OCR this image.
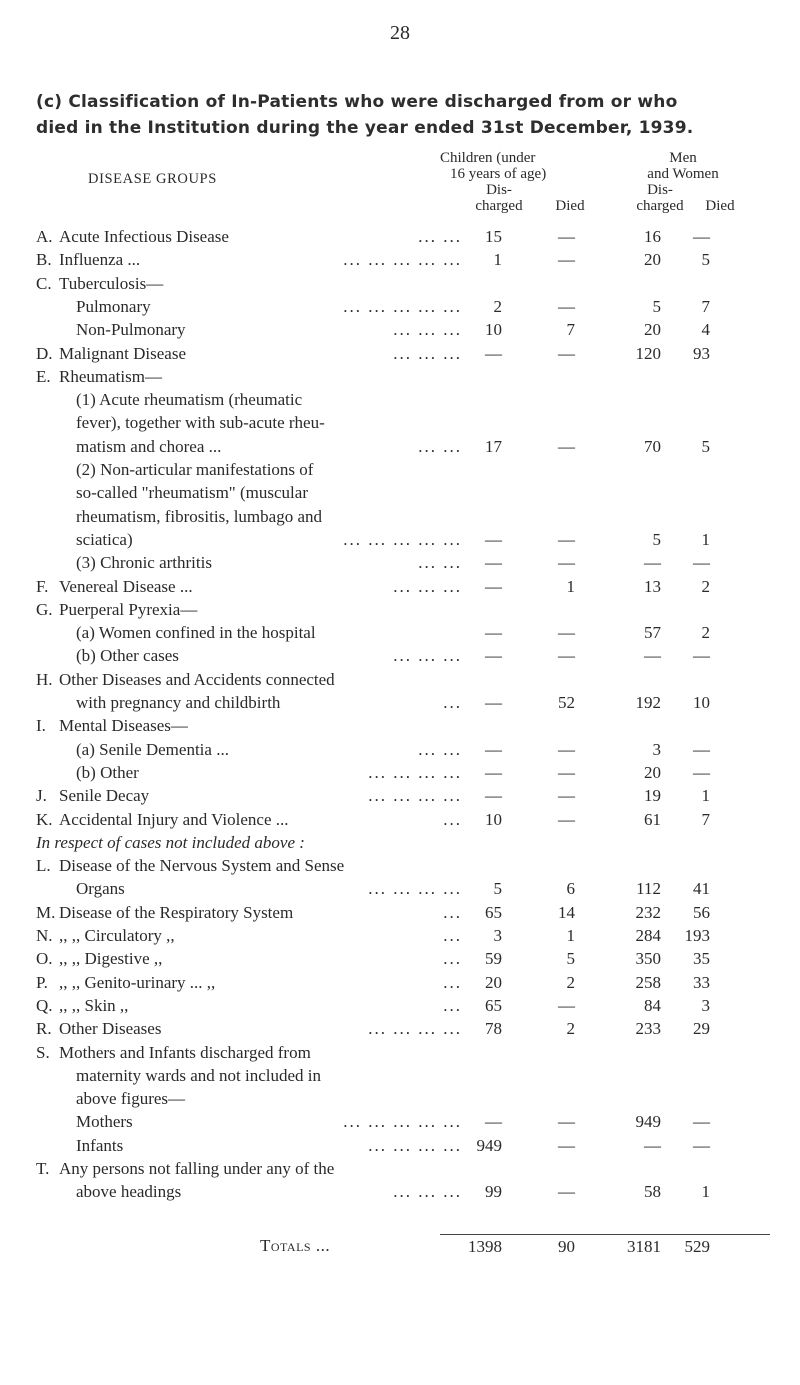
28
(c) Classification of In-Patients who were discharged from or who
died in the Institution during the year ended 31st December, 1939.
DISEASE GROUPS
Children (under
16 years of age)
Men
and Women
Dis-
charged	Died
Dis-
charged	Died
A. Acute Infectious Disease	... ...	15	—	16	—
B. Influenza ...	... ... ... ... ...	1	—	20	5
C. Tuberculosis—
Pulmonary	... ... ... ... ...	2	—	5	7
Non-Pulmonary	... ... ...	10	7	20	4
D. Malignant Disease	... ... ...	—	—	120	93
E. Rheumatism—
(1) Acute rheumatism (rheumatic
fever), together with sub-acute rheu-
matism and chorea ...	... ...	17	—	70	5
(2) Non-articular manifestations of
so-called "rheumatism" (muscular
rheumatism, fibrositis, lumbago and
sciatica)	... ... ... ... ...	—	—	5	1
(3) Chronic arthritis	... ...	—	—	—	—
F. Venereal Disease ...	... ... ...	—	1	13	2
G. Puerperal Pyrexia—
(a) Women confined in the hospital	—	—	57	2
(b) Other cases	... ... ...	—	—	—	—
H. Other Diseases and Accidents connected
with pregnancy and childbirth	...	—	52	192	10
I. Mental Diseases—
(a) Senile Dementia ...	... ...	—	—	3	—
(b) Other	... ... ... ...	—	—	20	—
J. Senile Decay	... ... ... ...	—	—	19	1
K. Accidental Injury and Violence ...	...	10	—	61	7
In respect of cases not included above :
L. Disease of the Nervous System and Sense
Organs	... ... ... ...	5	6	112	41
M. Disease of the Respiratory System	...	65	14	232	56
N. ,, ,, Circulatory ,,	...	3	1	284	193
O. ,, ,, Digestive ,,	...	59	5	350	35
P. ,, ,, Genito-urinary ... ,,	...	20	2	258	33
Q. ,, ,, Skin ,,	...	65	—	84	3
R. Other Diseases	... ... ... ...	78	2	233	29
S. Mothers and Infants discharged from
maternity wards and not included in
above figures—
Mothers	... ... ... ... ...	—	—	949	—
Infants	... ... ... ... 949	—	—	—
T. Any persons not falling under any of the
above headings	... ... ...	99	—	58	1
Totals ...	1398	90	3181	529
